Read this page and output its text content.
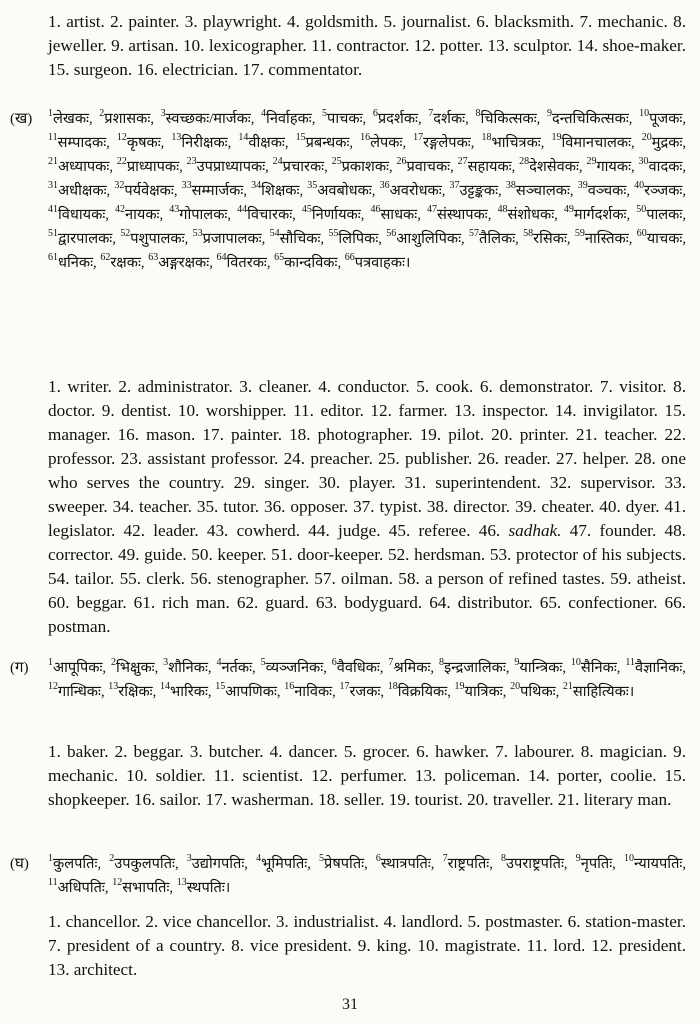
1. artist. 2. painter. 3. playwright. 4. goldsmith. 5. journalist. 6. blacksmith. 7. mechanic. 8. jeweller. 9. artisan. 10. lexicographer. 11. contractor. 12. potter. 13. sculptor. 14. shoe-maker. 15. surgeon. 16. electrician. 17. commentator.
(ख) $^1$लेखकः, $^2$प्रशासकः, $^3$स्वच्छकः/मार्जकः, $^4$निर्वाहकः, $^5$पाचकः, $^6$प्रदर्शकः, $^7$दर्शकः, $^8$चिकित्सकः, $^9$दन्तचिकित्सकः, $^{10}$पूजकः, $^{11}$सम्पादकः, $^{12}$कृषकः, $^{13}$निरीक्षकः, $^{14}$वीक्षकः, $^{15}$प्रबन्धकः, $^{16}$लेपकः, $^{17}$रङ्गलेपकः, $^{18}$भाचित्रकः, $^{19}$विमानचालकः, $^{20}$मुद्रकः, $^{21}$अध्यापकः, $^{22}$प्राध्यापकः, $^{23}$उपप्राध्यापकः, $^{24}$प्रचारकः, $^{25}$प्रकाशकः, $^{26}$प्रवाचकः, $^{27}$सहायकः, $^{28}$देशसेवकः, $^{29}$गायकः, $^{30}$वादकः, $^{31}$अधीक्षकः, $^{32}$पर्यवेक्षकः, $^{33}$सम्मार्जकः, $^{34}$शिक्षकः, $^{35}$अवबोधकः, $^{36}$अवरोधकः, $^{37}$उट्टङ्ककः, $^{38}$सञ्चालकः, $^{39}$वञ्चकः, $^{40}$रञ्जकः, $^{41}$विधायकः, $^{42}$नायकः, $^{43}$गोपालकः, $^{44}$विचारकः, $^{45}$निर्णायकः, $^{46}$साधकः, $^{47}$संस्थापकः, $^{48}$संशोधकः, $^{49}$मार्गदर्शकः, $^{50}$पालकः, $^{51}$द्वारपालकः, $^{52}$पशुपालकः, $^{53}$प्रजापालकः, $^{54}$सौचिकः, $^{55}$लिपिकः, $^{56}$आशुलिपिकः, $^{57}$तैलिकः, $^{58}$रसिकः, $^{59}$नास्तिकः, $^{60}$याचकः, $^{61}$धनिकः, $^{62}$रक्षकः, $^{63}$अङ्गरक्षकः, $^{64}$वितरकः, $^{65}$कान्दविकः, $^{66}$पत्रवाहकः।
1. writer. 2. administrator. 3. cleaner. 4. conductor. 5. cook. 6. demonstrator. 7. visitor. 8. doctor. 9. dentist. 10. worshipper. 11. editor. 12. farmer. 13. inspector. 14. invigilator. 15. manager. 16. mason. 17. painter. 18. photographer. 19. pilot. 20. printer. 21. teacher. 22. professor. 23. assistant professor. 24. preacher. 25. publisher. 26. reader. 27. helper. 28. one who serves the country. 29. singer. 30. player. 31. superintendent. 32. supervisor. 33. sweeper. 34. teacher. 35. tutor. 36. opposer. 37. typist. 38. director. 39. cheater. 40. dyer. 41. legislator. 42. leader. 43. cowherd. 44. judge. 45. referee. 46. sadhak. 47. founder. 48. corrector. 49. guide. 50. keeper. 51. door-keeper. 52. herdsman. 53. protector of his subjects. 54. tailor. 55. clerk. 56. stenographer. 57. oilman. 58. a person of refined tastes. 59. atheist. 60. beggar. 61. rich man. 62. guard. 63. bodyguard. 64. distributor. 65. confectioner. 66. postman.
(ग) $^1$आपूपिकः, $^2$भिक्षुकः, $^3$शौनिकः, $^4$नर्तकः, $^5$व्यञ्जनिकः, $^6$वैवधिकः, $^7$श्रमिकः, $^8$इन्द्रजालिकः, $^9$यान्त्रिकः, $^{10}$सैनिकः, $^{11}$वैज्ञानिकः, $^{12}$गान्धिकः, $^{13}$रक्षिकः, $^{14}$भारिकः, $^{15}$आपणिकः, $^{16}$नाविकः, $^{17}$रजकः, $^{18}$विक्रयिकः, $^{19}$यात्रिकः, $^{20}$पथिकः, $^{21}$साहित्यिकः।
1. baker. 2. beggar. 3. butcher. 4. dancer. 5. grocer. 6. hawker. 7. labourer. 8. magician. 9. mechanic. 10. soldier. 11. scientist. 12. perfumer. 13. policeman. 14. porter, coolie. 15. shopkeeper. 16. sailor. 17. washerman. 18. seller. 19. tourist. 20. traveller. 21. literary man.
(घ) $^1$कुलपतिः, $^2$उपकुलपतिः, $^3$उद्योगपतिः, $^4$भूमिपतिः, $^5$प्रेषपतिः, $^6$स्थात्रपतिः, $^7$राष्ट्रपतिः, $^8$उपराष्ट्रपतिः, $^9$नृपतिः, $^{10}$न्यायपतिः, $^{11}$अधिपतिः, $^{12}$सभापतिः, $^{13}$स्थपतिः।
1. chancellor. 2. vice chancellor. 3. industrialist. 4. landlord. 5. postmaster. 6. station-master. 7. president of a country. 8. vice president. 9. king. 10. magistrate. 11. lord. 12. president. 13. architect.
31
